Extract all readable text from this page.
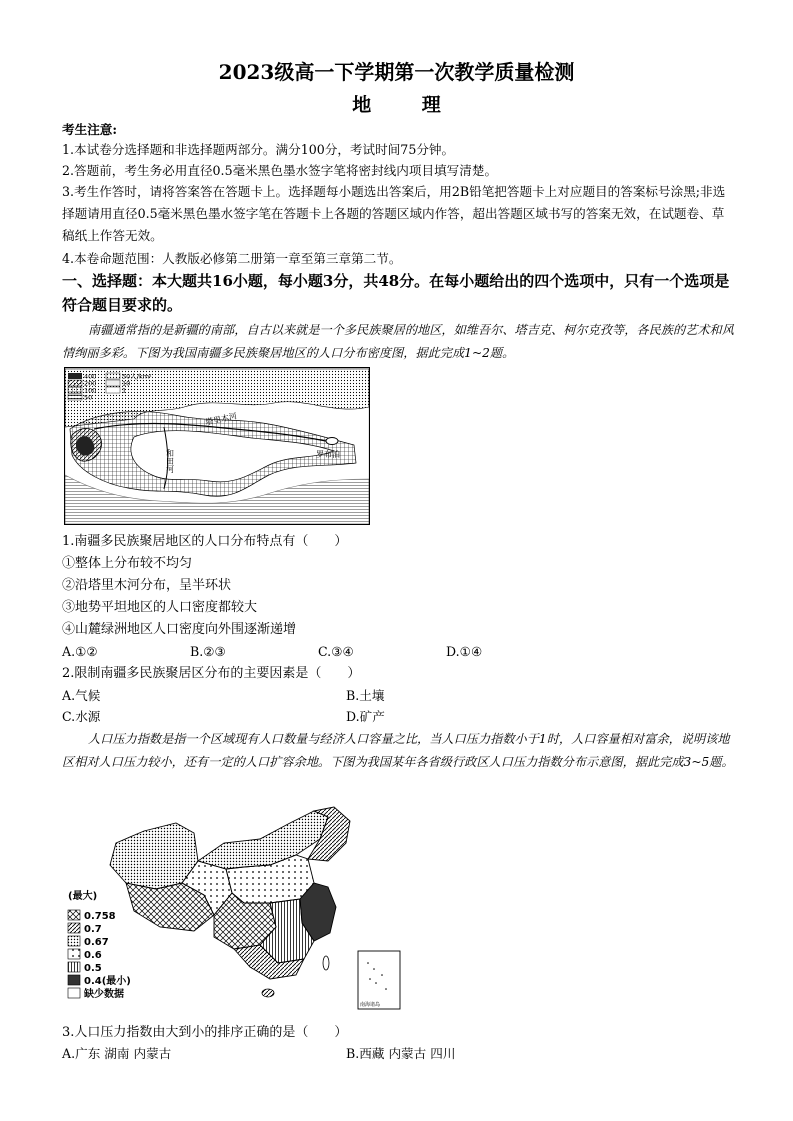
2023级高一下学期第一次教学质量检测
地 理
考生注意:
1.本试卷分选择题和非选择题两部分。满分100分，考试时间75分钟。
2.答题前，考生务必用直径0.5毫米黑色墨水签字笔将密封线内项目填写清楚。
3.考生作答时，请将答案答在答题卡上。选择题每小题选出答案后，用2B铅笔把答题卡上对应题目的答案标号涂黑;非选择题请用直径0.5毫米黑色墨水签字笔在答题卡上各题的答题区域内作答，超出答题区域书写的答案无效，在试题卷、草稿纸上作答无效。
4.本卷命题范围：人教版必修第二册第一章至第三章第二节。
一、选择题：本大题共16小题，每小题3分，共48分。在每小题给出的四个选项中，只有一个选项是符合题目要求的。
南疆通常指的是新疆的南部，自古以来就是一个多民族聚居的地区，如维吾尔、塔吉克、柯尔克孜等，各民族的艺术和风情绚丽多彩。下图为我国南疆多民族聚居地区的人口分布密度图，据此完成1~2题。
400
200
100
50
50人/km²
10
1
塔里木河
和田河	罗布泊
1.南疆多民族聚居地区的人口分布特点有（　　）
①整体上分布较不均匀
②沿塔里木河分布，呈半环状
③地势平坦地区的人口密度都较大
④山麓绿洲地区人口密度向外围逐渐递增
A.①②	B.②③	C.③④	D.①④
2.限制南疆多民族聚居区分布的主要因素是（　　）
A.气候	B.土壤
C.水源	D.矿产
人口压力指数是指一个区域现有人口数量与经济人口容量之比，当人口压力指数小于1时，人口容量相对富余，说明该地区相对人口压力较小，还有一定的人口扩容余地。下图为我国某年各省级行政区人口压力指数分布示意图，据此完成3~5题。
南海诸岛
(最大)
0.758
0.7
0.67
0.6
0.5
0.4(最小)
缺少数据
3.人口压力指数由大到小的排序正确的是（　　）
A.广东 湖南 内蒙古	B.西藏 内蒙古 四川
